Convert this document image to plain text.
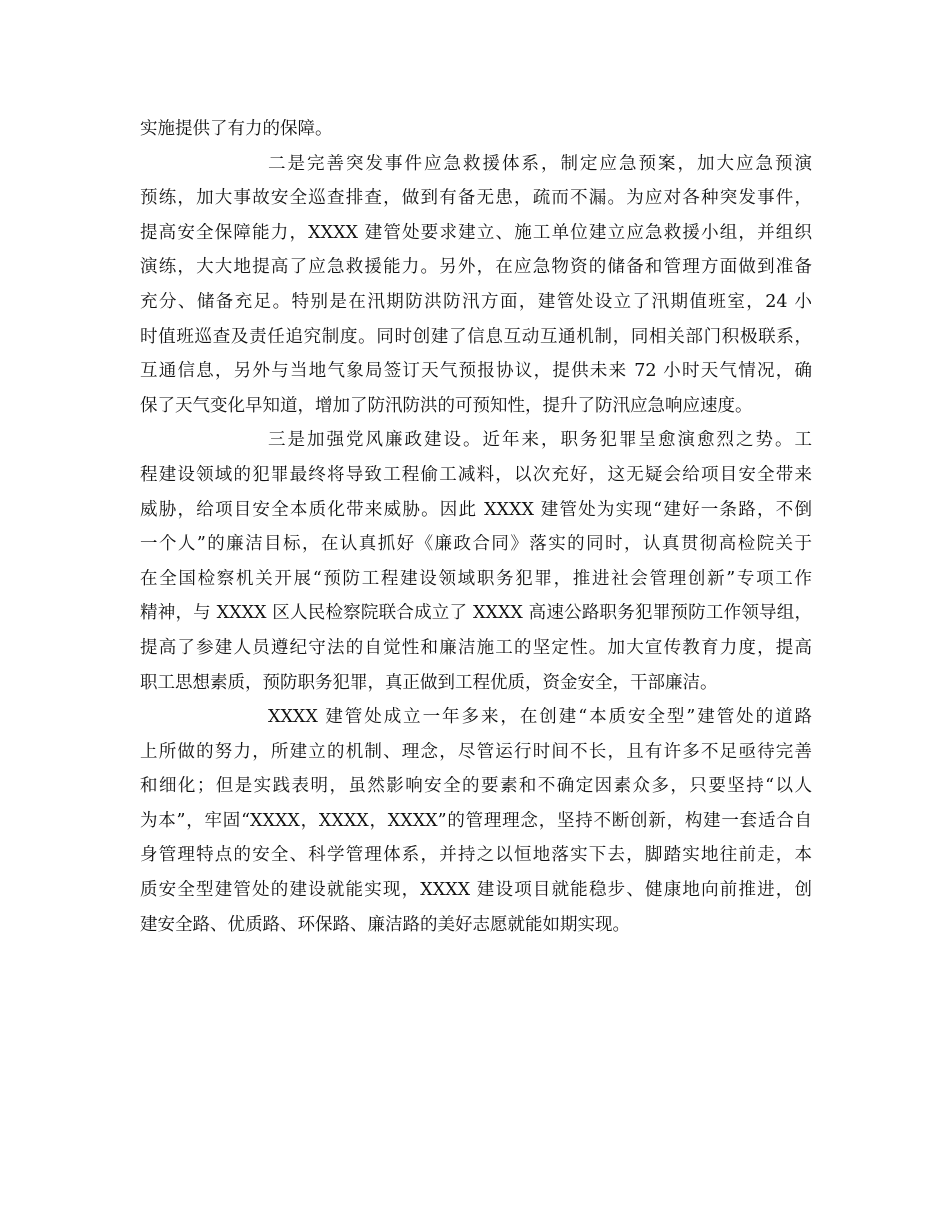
实施提供了有力的保障。
二是完善突发事件应急救援体系，制定应急预案，加大应急预演
预练，加大事故安全巡查排查，做到有备无患，疏而不漏。为应对各种突发事件，
提高安全保障能力，XXXX 建管处要求建立、施工单位建立应急救援小组，并组织
演练，大大地提高了应急救援能力。另外，在应急物资的储备和管理方面做到准备
充分、储备充足。特别是在汛期防洪防汛方面，建管处设立了汛期值班室，24 小
时值班巡查及责任追究制度。同时创建了信息互动互通机制，同相关部门积极联系，
互通信息，另外与当地气象局签订天气预报协议，提供未来 72 小时天气情况，确
保了天气变化早知道，增加了防汛防洪的可预知性，提升了防汛应急响应速度。
三是加强党风廉政建设。近年来，职务犯罪呈愈演愈烈之势。工
程建设领域的犯罪最终将导致工程偷工减料，以次充好，这无疑会给项目安全带来
威胁，给项目安全本质化带来威胁。因此 XXXX 建管处为实现“建好一条路，不倒
一个人”的廉洁目标，在认真抓好《廉政合同》落实的同时，认真贯彻高检院关于
在全国检察机关开展“预防工程建设领域职务犯罪，推进社会管理创新”专项工作
精神，与 XXXX 区人民检察院联合成立了 XXXX 高速公路职务犯罪预防工作领导组，
提高了参建人员遵纪守法的自觉性和廉洁施工的坚定性。加大宣传教育力度，提高
职工思想素质，预防职务犯罪，真正做到工程优质，资金安全，干部廉洁。
XXXX 建管处成立一年多来，在创建“本质安全型”建管处的道路
上所做的努力，所建立的机制、理念，尽管运行时间不长，且有许多不足亟待完善
和细化；但是实践表明，虽然影响安全的要素和不确定因素众多，只要坚持“以人
为本”，牢固“XXXX，XXXX，XXXX”的管理理念，坚持不断创新，构建一套适合自
身管理特点的安全、科学管理体系，并持之以恒地落实下去，脚踏实地往前走，本
质安全型建管处的建设就能实现，XXXX 建设项目就能稳步、健康地向前推进，创
建安全路、优质路、环保路、廉洁路的美好志愿就能如期实现。
